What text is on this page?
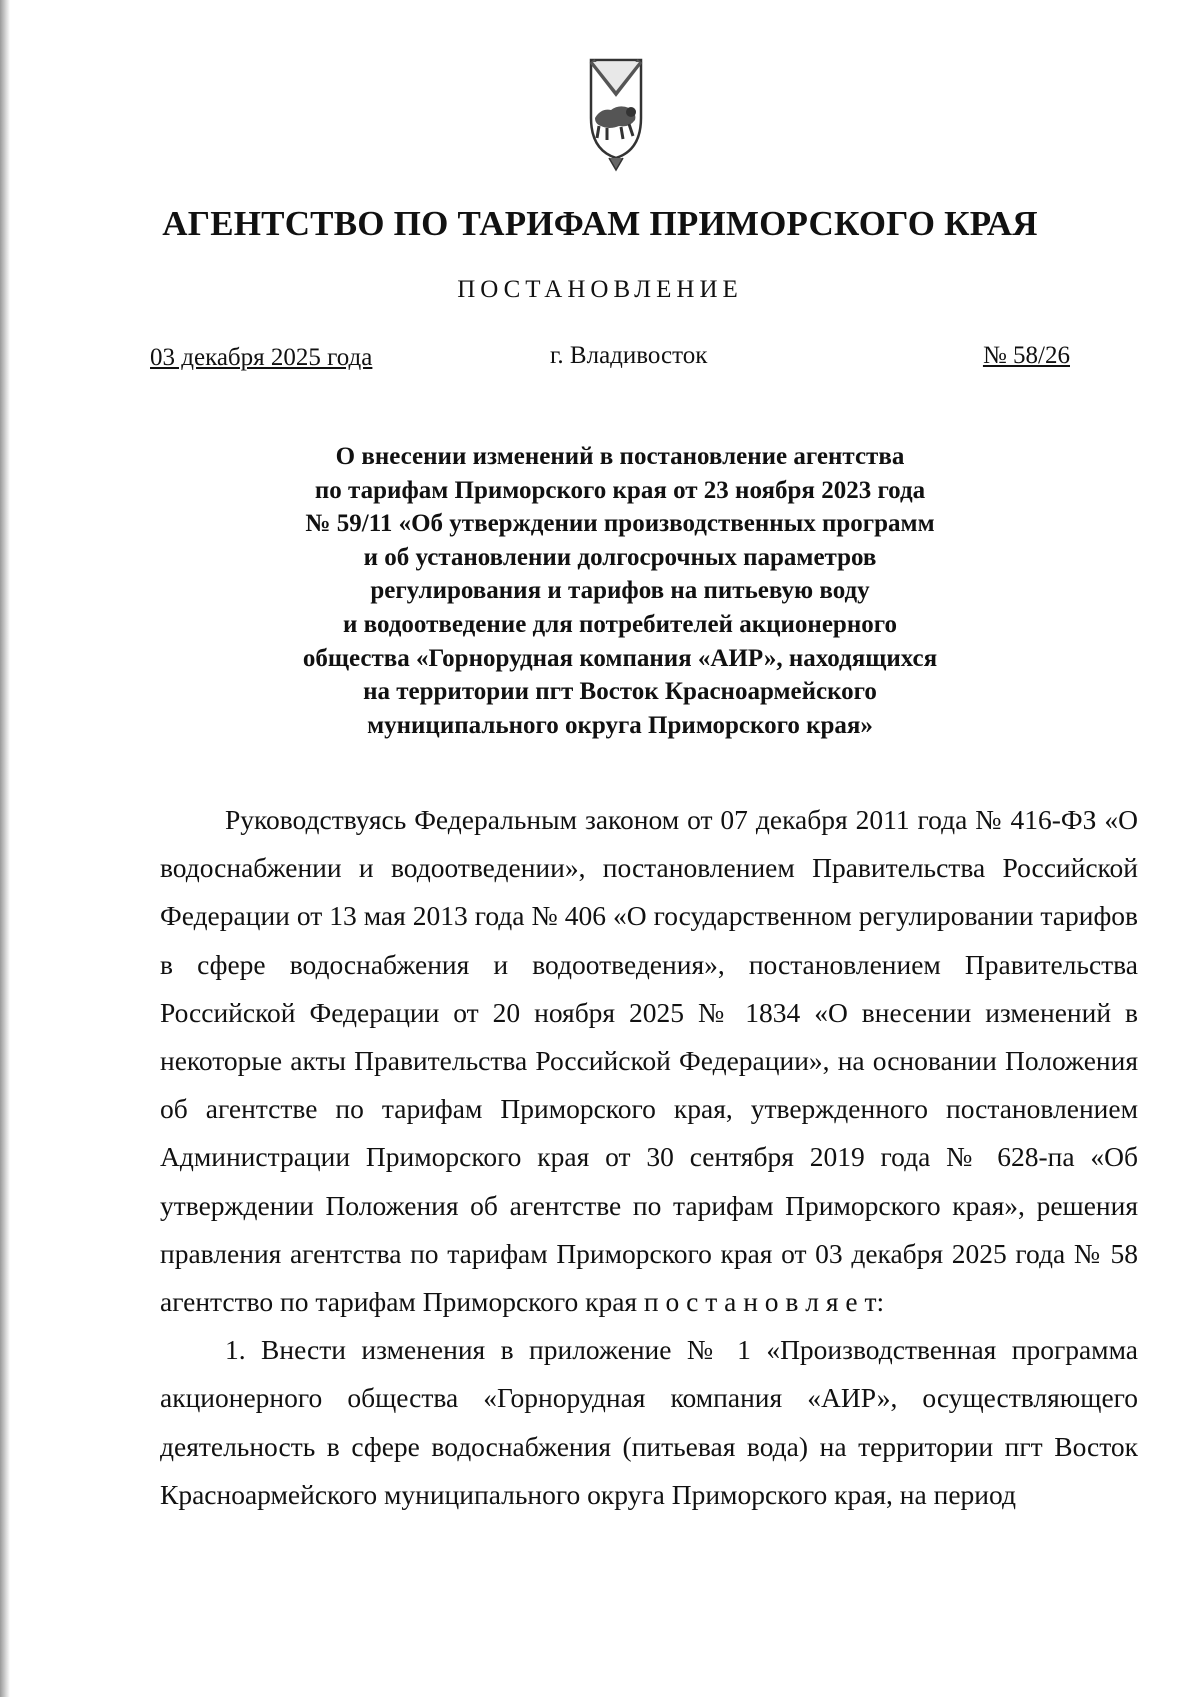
АГЕНТСТВО ПО ТАРИФАМ ПРИМОРСКОГО КРАЯ
ПОСТАНОВЛЕНИЕ
03 декабря 2025 года	г. Владивосток	№ 58/26
О внесении изменений в постановление агентства
по тарифам Приморского края от 23 ноября 2023 года
№ 59/11 «Об утверждении производственных программ
и об установлении долгосрочных параметров
регулирования и тарифов на питьевую воду
и водоотведение для потребителей акционерного
общества «Горнорудная компания «АИР», находящихся
на территории пгт Восток Красноармейского
муниципального округа Приморского края»

Руководствуясь Федеральным законом от 07 декабря 2011 года № 416-ФЗ «О водоснабжении и водоотведении», постановлением Правительства Российской Федерации от 13 мая 2013 года № 406 «О государственном регулировании тарифов в сфере водоснабжения и водоотведения», постановлением Правительства Российской Федерации от 20 ноября 2025 № 1834 «О внесении изменений в некоторые акты Правительства Российской Федерации», на основании Положения об агентстве по тарифам Приморского края, утвержденного постановлением Администрации Приморского края от 30 сентября 2019 года № 628-па «Об утверждении Положения об агентстве по тарифам Приморского края», решения правления агентства по тарифам Приморского края от 03 декабря 2025 года № 58 агентство по тарифам Приморского края п о с т а н о в л я е т:

1. Внести изменения в приложение № 1 «Производственная программа акционерного общества «Горнорудная компания «АИР», осуществляющего деятельность в сфере водоснабжения (питьевая вода) на территории пгт Восток Красноармейского муниципального округа Приморского края, на период
